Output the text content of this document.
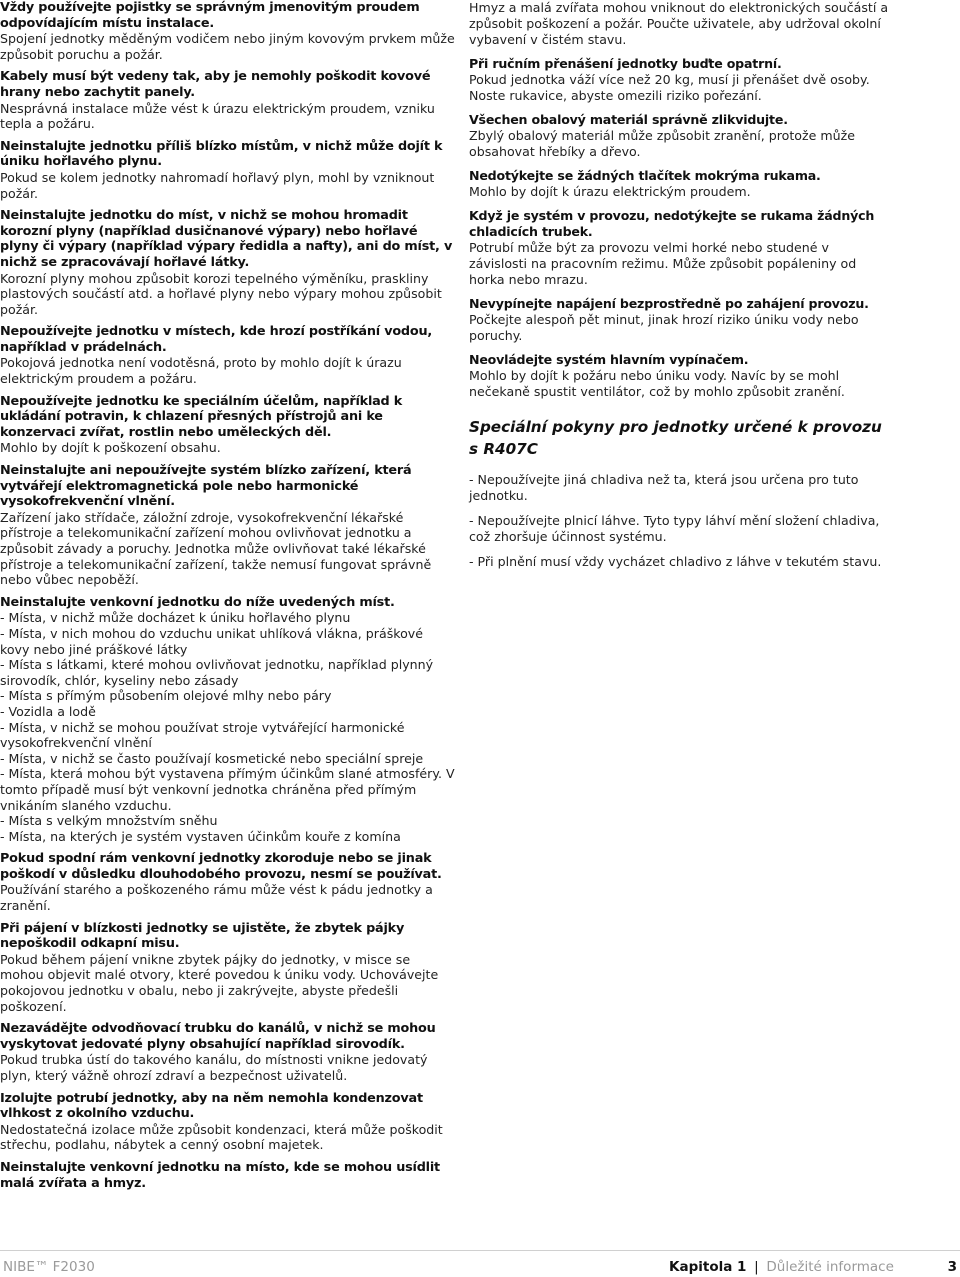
Vždy používejte pojistky se správným jmenovitým proudem odpovídajícím místu instalace.

Spojení jednotky měděným vodičem nebo jiným kovovým prvkem může způsobit poruchu a požár.

Kabely musí být vedeny tak, aby je nemohly poškodit kovové hrany nebo zachytit panely.

Nesprávná instalace může vést k úrazu elektrickým proudem, vzniku tepla a požáru.

Neinstalujte jednotku příliš blízko místům, v nichž může dojít k úniku hořlavého plynu.

Pokud se kolem jednotky nahromadí hořlavý plyn, mohl by vzniknout požár.

Neinstalujte jednotku do míst, v nichž se mohou hromadit korozní plyny (například dusičnanové výpary) nebo hořlavé plyny či výpary (například výpary ředidla a nafty), ani do míst, v nichž se zpracovávají hořlavé látky.

Korozní plyny mohou způsobit korozi tepelného výměníku, praskliny plastových součástí atd. a hořlavé plyny nebo výpary mohou způsobit požár.

Nepoužívejte jednotku v místech, kde hrozí postříkání vodou, například v prádelnách.

Pokojová jednotka není vodotěsná, proto by mohlo dojít k úrazu elektrickým proudem a požáru.

Nepoužívejte jednotku ke speciálním účelům, například k ukládání potravin, k chlazení přesných přístrojů ani ke konzervaci zvířat, rostlin nebo uměleckých děl.

Mohlo by dojít k poškození obsahu.

Neinstalujte ani nepoužívejte systém blízko zařízení, která vytvářejí elektromagnetická pole nebo harmonické vysokofrekvenční vlnění.

Zařízení jako střídače, záložní zdroje, vysokofrekvenční lékařské přístroje a telekomunikační zařízení mohou ovlivňovat jednotku a způsobit závady a poruchy. Jednotka může ovlivňovat také lékařské přístroje a telekomunikační zařízení, takže nemusí fungovat správně nebo vůbec nepoběží.

Neinstalujte venkovní jednotku do níže uvedených míst.

- Místa, v nichž může docházet k úniku hořlavého plynu

- Místa, v nich mohou do vzduchu unikat uhlíková vlákna, práškové kovy nebo jiné práškové látky

- Místa s látkami, které mohou ovlivňovat jednotku, například plynný sirovodík, chlór, kyseliny nebo zásady

- Místa s přímým působením olejové mlhy nebo páry

- Vozidla a lodě

- Místa, v nichž se mohou používat stroje vytvářející harmonické vysokofrekvenční vlnění

- Místa, v nichž se často používají kosmetické nebo speciální spreje

- Místa, která mohou být vystavena přímým účinkům slané atmosféry. V tomto případě musí být venkovní jednotka chráněna před přímým vnikáním slaného vzduchu.

- Místa s velkým množstvím sněhu

- Místa, na kterých je systém vystaven účinkům kouře z komína

Pokud spodní rám venkovní jednotky zkoroduje nebo se jinak poškodí v důsledku dlouhodobého provozu, nesmí se používat.

Používání starého a poškozeného rámu může vést k pádu jednotky a zranění.

Při pájení v blízkosti jednotky se ujistěte, že zbytek pájky nepoškodil odkapní misu.

Pokud během pájení vnikne zbytek pájky do jednotky, v misce se mohou objevit malé otvory, které povedou k úniku vody. Uchovávejte pokojovou jednotku v obalu, nebo ji zakrývejte, abyste předešli poškození.

Nezavádějte odvodňovací trubku do kanálů, v nichž se mohou vyskytovat jedovaté plyny obsahující například sirovodík.

Pokud trubka ústí do takového kanálu, do místnosti vnikne jedovatý plyn, který vážně ohrozí zdraví a bezpečnost uživatelů.

Izolujte potrubí jednotky, aby na něm nemohla kondenzovat vlhkost z okolního vzduchu.

Nedostatečná izolace může způsobit kondenzaci, která může poškodit střechu, podlahu, nábytek a cenný osobní majetek.

Neinstalujte venkovní jednotku na místo, kde se mohou usídlit malá zvířata a hmyz.

Hmyz a malá zvířata mohou vniknout do elektronických součástí a způsobit poškození a požár. Poučte uživatele, aby udržoval okolní vybavení v čistém stavu.

Při ručním přenášení jednotky buďte opatrní.

Pokud jednotka váží více než 20 kg, musí ji přenášet dvě osoby. Noste rukavice, abyste omezili riziko pořezání.

Všechen obalový materiál správně zlikvidujte.

Zbylý obalový materiál může způsobit zranění, protože může obsahovat hřebíky a dřevo.

Nedotýkejte se žádných tlačítek mokrýma rukama.

Mohlo by dojít k úrazu elektrickým proudem.

Když je systém v provozu, nedotýkejte se rukama žádných chladicích trubek.

Potrubí může být za provozu velmi horké nebo studené v závislosti na pracovním režimu. Může způsobit popáleniny od horka nebo mrazu.

Nevypínejte napájení bezprostředně po zahájení provozu.

Počkejte alespoň pět minut, jinak hrozí riziko úniku vody nebo poruchy.

Neovládejte systém hlavním vypínačem.

Mohlo by dojít k požáru nebo úniku vody. Navíc by se mohl nečekaně spustit ventilátor, což by mohlo způsobit zranění.

Speciální pokyny pro jednotky určené k provozu s R407C

- Nepoužívejte jiná chladiva než ta, která jsou určena pro tuto jednotku.

- Nepoužívejte plnicí láhve. Tyto typy láhví mění složení chladiva, což zhoršuje účinnost systému.

- Při plnění musí vždy vycházet chladivo z láhve v tekutém stavu.

NIBE™ F2030	Kapitola 1 | Důležité informace	3
